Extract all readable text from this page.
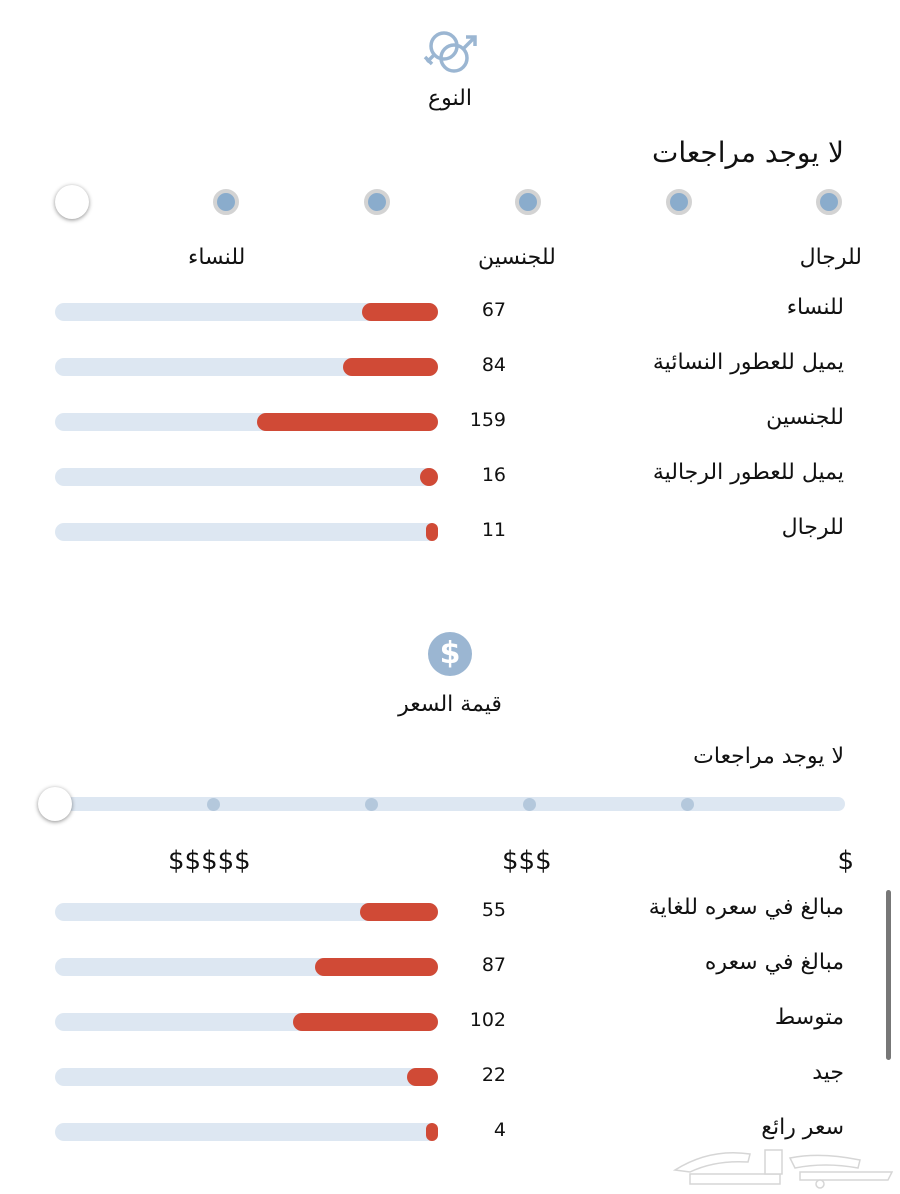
النوع
لا يوجد مراجعات
للرجال
للجنسين
للنساء
67	للنساء
84	يميل للعطور النسائية
159	للجنسين
16	يميل للعطور الرجالية
11	للرجال
$
قيمة السعر
لا يوجد مراجعات
$
$$$
$$$$$
55	مبالغ في سعره للغاية
87	مبالغ في سعره
102	متوسط
22	جيد
4	سعر رائع
